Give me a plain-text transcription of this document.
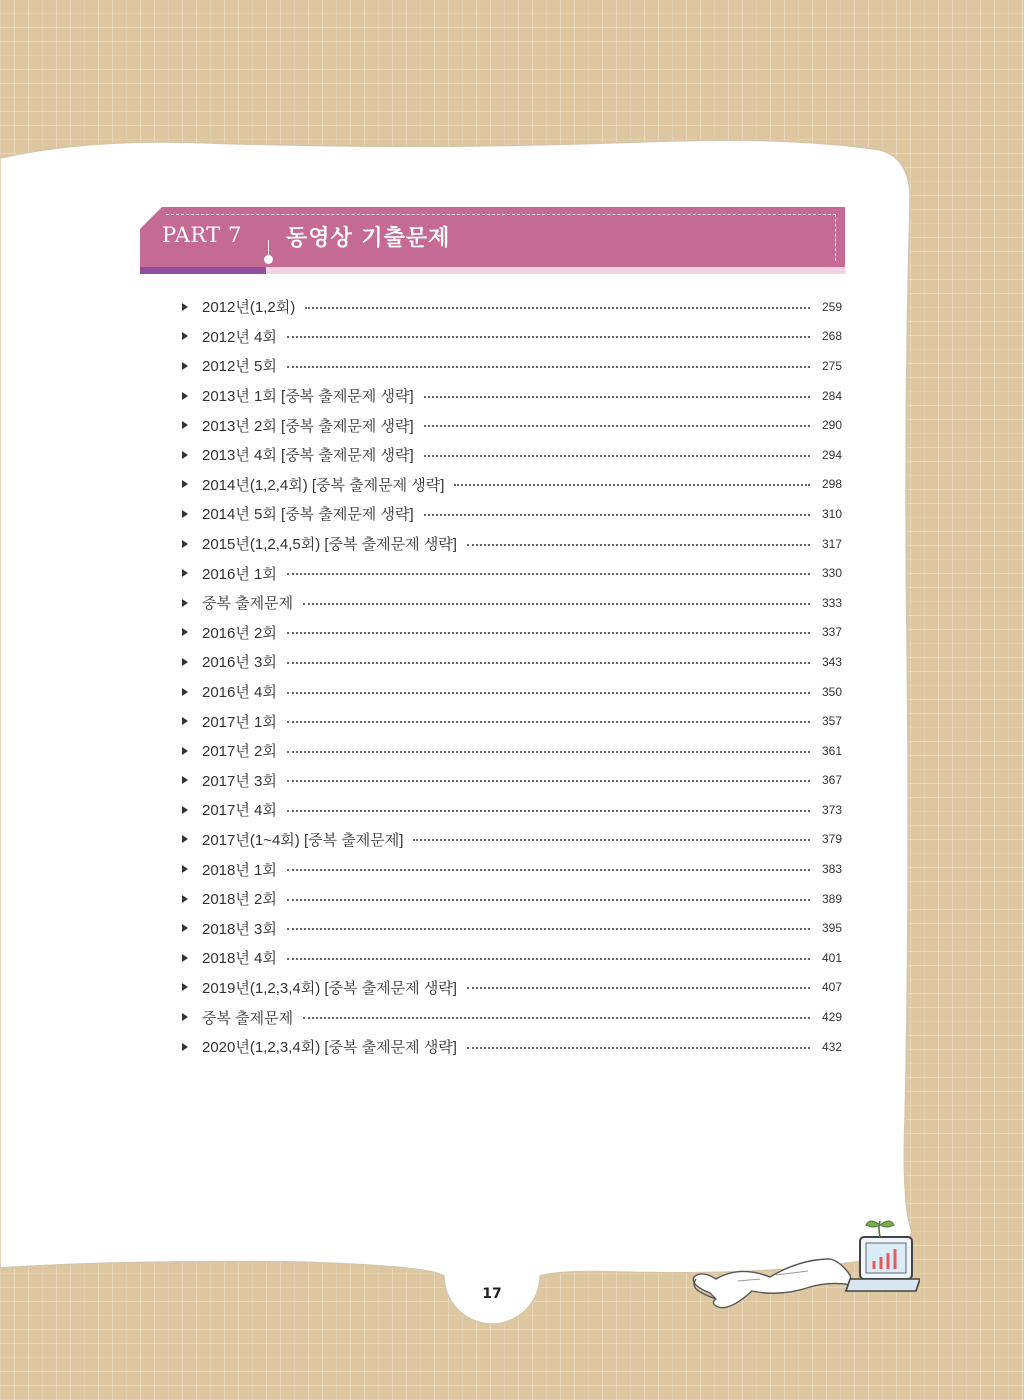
PART 7 동영상 기출문제
2012년(1,2회)	259
2012년 4회	268
2012년 5회	275
2013년 1회 [중복 출제문제 생략]	284
2013년 2회 [중복 출제문제 생략]	290
2013년 4회 [중복 출제문제 생략]	294
2014년(1,2,4회) [중복 출제문제 생략]	298
2014년 5회 [중복 출제문제 생략]	310
2015년(1,2,4,5회) [중복 출제문제 생략]	317
2016년 1회	330
중복 출제문제	333
2016년 2회	337
2016년 3회	343
2016년 4회	350
2017년 1회	357
2017년 2회	361
2017년 3회	367
2017년 4회	373
2017년(1~4회) [중복 출제문제]	379
2018년 1회	383
2018년 2회	389
2018년 3회	395
2018년 4회	401
2019년(1,2,3,4회) [중복 출제문제 생략]	407
중복 출제문제	429
2020년(1,2,3,4회) [중복 출제문제 생략]	432
17
